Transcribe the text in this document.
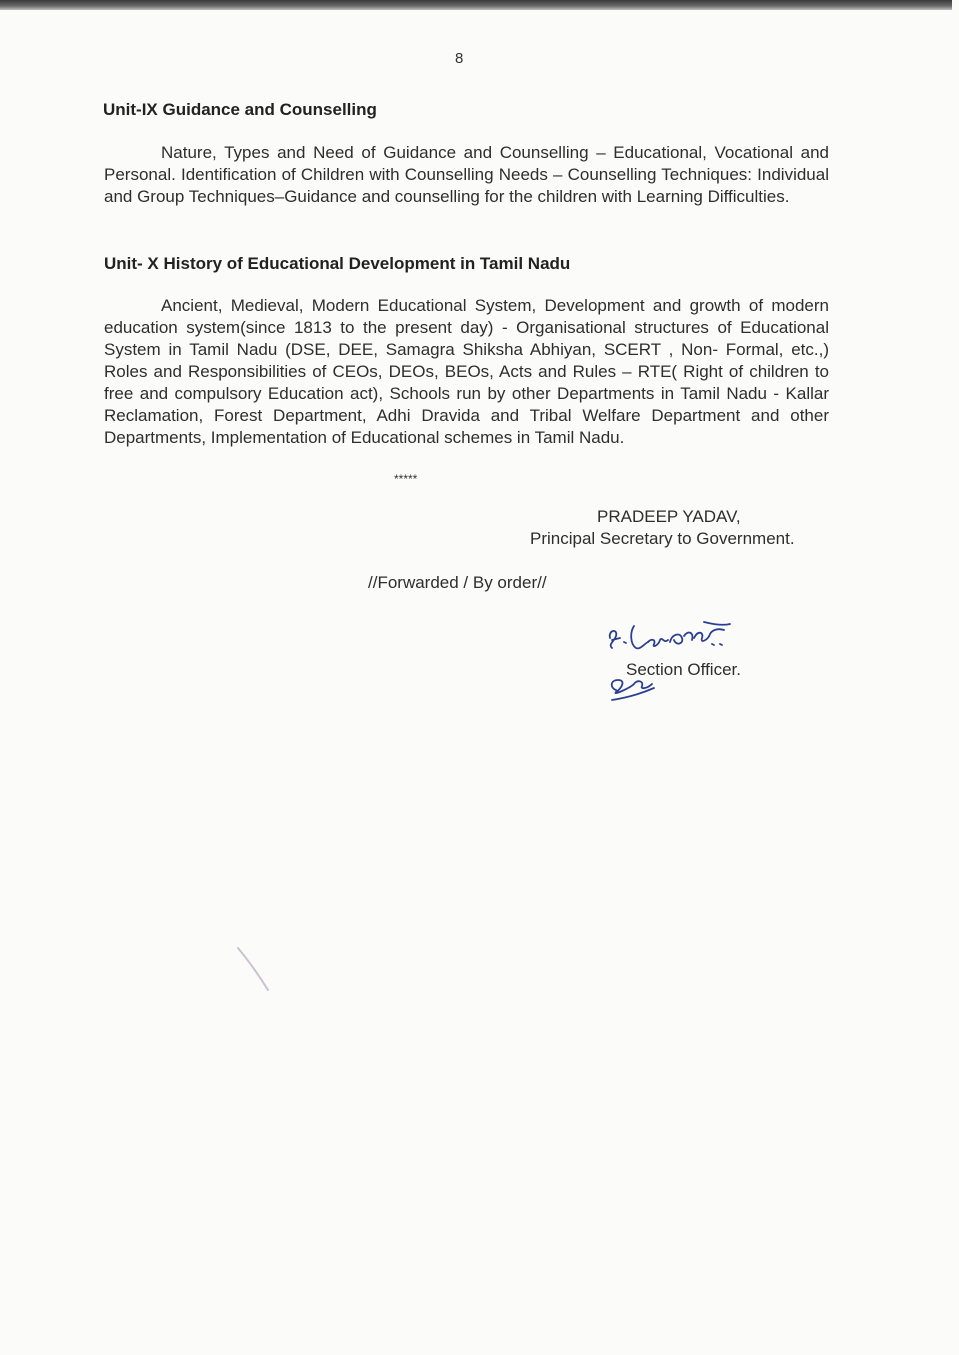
8
Unit-IX Guidance and Counselling
Nature, Types and Need of Guidance and Counselling – Educational, Vocational and Personal. Identification of Children with Counselling Needs – Counselling Techniques: Individual and Group Techniques–Guidance and counselling for the children with Learning Difficulties.
Unit- X History of Educational Development in Tamil Nadu
Ancient, Medieval, Modern Educational System, Development and growth of modern education system(since 1813 to the present day) - Organisational structures of Educational System in Tamil Nadu (DSE, DEE, Samagra Shiksha Abhiyan, SCERT , Non- Formal, etc.,) Roles and Responsibilities of CEOs, DEOs, BEOs, Acts and Rules – RTE( Right of children to free and compulsory Education act), Schools run by other Departments in Tamil Nadu - Kallar Reclamation, Forest Department, Adhi Dravida and Tribal Welfare Department and other Departments, Implementation of Educational schemes in Tamil Nadu.
*****
PRADEEP YADAV,
Principal Secretary to Government.
//Forwarded / By order//
Section Officer.
